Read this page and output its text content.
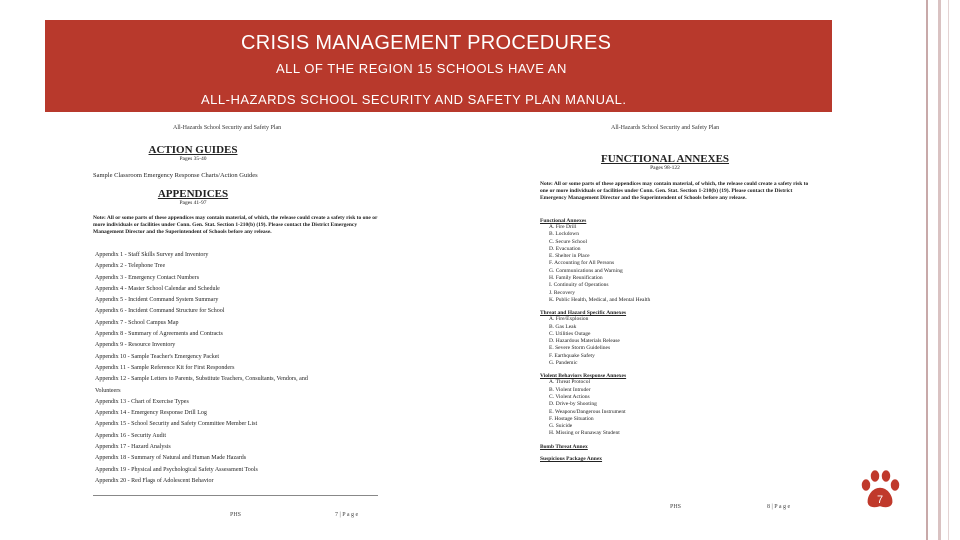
CRISIS MANAGEMENT PROCEDURES
ALL OF THE REGION 15 SCHOOLS HAVE AN
ALL-HAZARDS SCHOOL SECURITY AND SAFETY PLAN MANUAL.
All-Hazards School Security and Safety Plan
ACTION GUIDES
Pages 35-40
Sample Classroom Emergency Response Charts/Action Guides
APPENDICES
Pages 41-97
Note: All or some parts of these appendices may contain material, of which, the release could create a safety risk to one or more individuals or facilities under Conn. Gen. Stat. Section 1-210(b) (19). Please contact the District Emergency Management Director and the Superintendent of Schools before any release.
Appendix 1 - Staff Skills Survey and Inventory
Appendix 2 - Telephone Tree
Appendix 3 - Emergency Contact Numbers
Appendix 4 - Master School Calendar and Schedule
Appendix 5 - Incident Command System Summary
Appendix 6 - Incident Command Structure for School
Appendix 7 - School Campus Map
Appendix 8 - Summary of Agreements and Contracts
Appendix 9 - Resource Inventory
Appendix 10 - Sample Teacher's Emergency Packet
Appendix 11 - Sample Reference Kit for First Responders
Appendix 12 - Sample Letters to Parents, Substitute Teachers, Consultants, Vendors, and
Volunteers
Appendix 13 - Chart of Exercise Types
Appendix 14 - Emergency Response Drill Log
Appendix 15 - School Security and Safety Committee Member List
Appendix 16 - Security Audit
Appendix 17 - Hazard Analysis
Appendix 18 - Summary of Natural and Human Made Hazards
Appendix 19 - Physical and Psychological Safety Assessment Tools
Appendix 20 - Red Flags of Adolescent Behavior
PHS	7 | P a g e
All-Hazards School Security and Safety Plan
FUNCTIONAL ANNEXES
Pages 98-122
Note: All or some parts of these appendices may contain material, of which, the release could create a safety risk to one or more individuals or facilities under Conn. Gen. Stat. Section 1-210(b) (19). Please contact the District Emergency Management Director and the Superintendent of Schools before any release.
Functional Annexes
A. Fire Drill
B. Lockdown
C. Secure School
D. Evacuation
E. Shelter in Place
F. Accounting for All Persons
G. Communications and Warning
H. Family Reunification
I. Continuity of Operations
J. Recovery
K. Public Health, Medical, and Mental Health
Threat and Hazard Specific Annexes
A. Fire/Explosion
B. Gas Leak
C. Utilities Outage
D. Hazardous Materials Release
E. Severe Storm Guidelines
F. Earthquake Safety
G. Pandemic
Violent Behaviors Response Annexes
A. Threat Protocol
B. Violent Intruder
C. Violent Actions
D. Drive-by Shooting
E. Weapons/Dangerous Instrument
F. Hostage Situation
G. Suicide
H. Missing or Runaway Student
Bomb Threat Annex
Suspicious Package Annex
PHS	8 | P a g e
7
